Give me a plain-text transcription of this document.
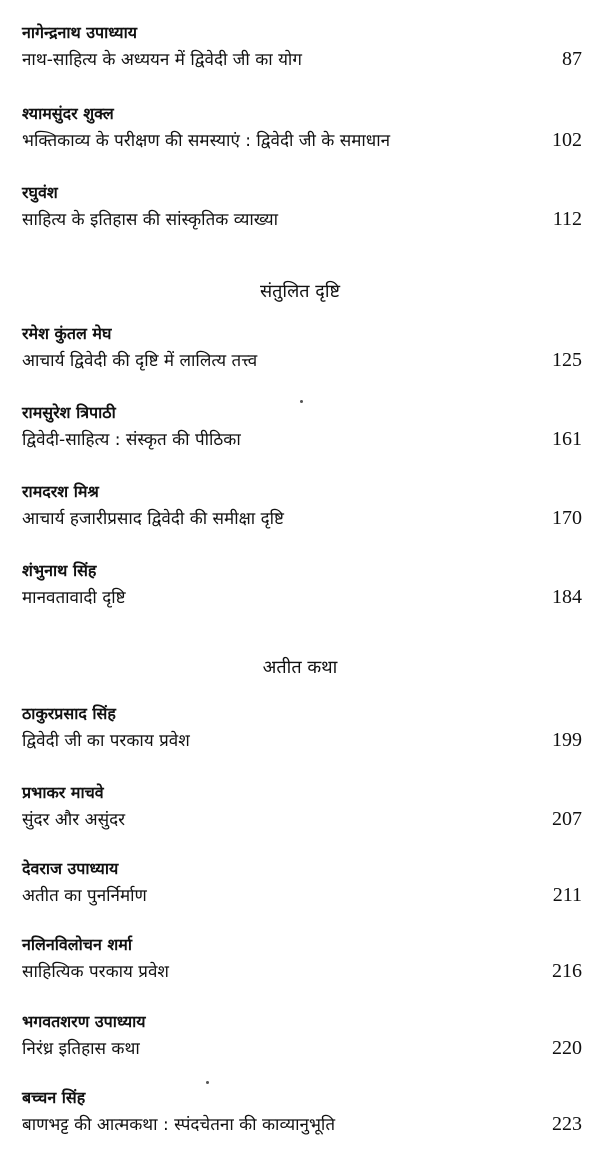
नागेन्द्रनाथ उपाध्याय
नाथ-साहित्य के अध्ययन में द्विवेदी जी का योग	87
श्यामसुंदर शुक्ल
भक्तिकाव्य के परीक्षण की समस्याएं : द्विवेदी जी के समाधान	102
रघुवंश
साहित्य के इतिहास की सांस्कृतिक व्याख्या	112
संतुलित दृष्टि
रमेश कुंतल मेघ
आचार्य द्विवेदी की दृष्टि में लालित्य तत्त्व	125
रामसुरेश त्रिपाठी
द्विवेदी-साहित्य : संस्कृत की पीठिका	161
रामदरश मिश्र
आचार्य हजारीप्रसाद द्विवेदी की समीक्षा दृष्टि	170
शंभुनाथ सिंह
मानवतावादी दृष्टि	184
अतीत कथा
ठाकुरप्रसाद सिंह
द्विवेदी जी का परकाय प्रवेश	199
प्रभाकर माचवे
सुंदर और असुंदर	207
देवराज उपाध्याय
अतीत का पुनर्निर्माण	211
नलिनविलोचन शर्मा
साहित्यिक परकाय प्रवेश	216
भगवतशरण उपाध्याय
निरंध्र इतिहास कथा	220
बच्चन सिंह
बाणभट्ट की आत्मकथा : स्पंदचेतना की काव्यानुभूति	223
